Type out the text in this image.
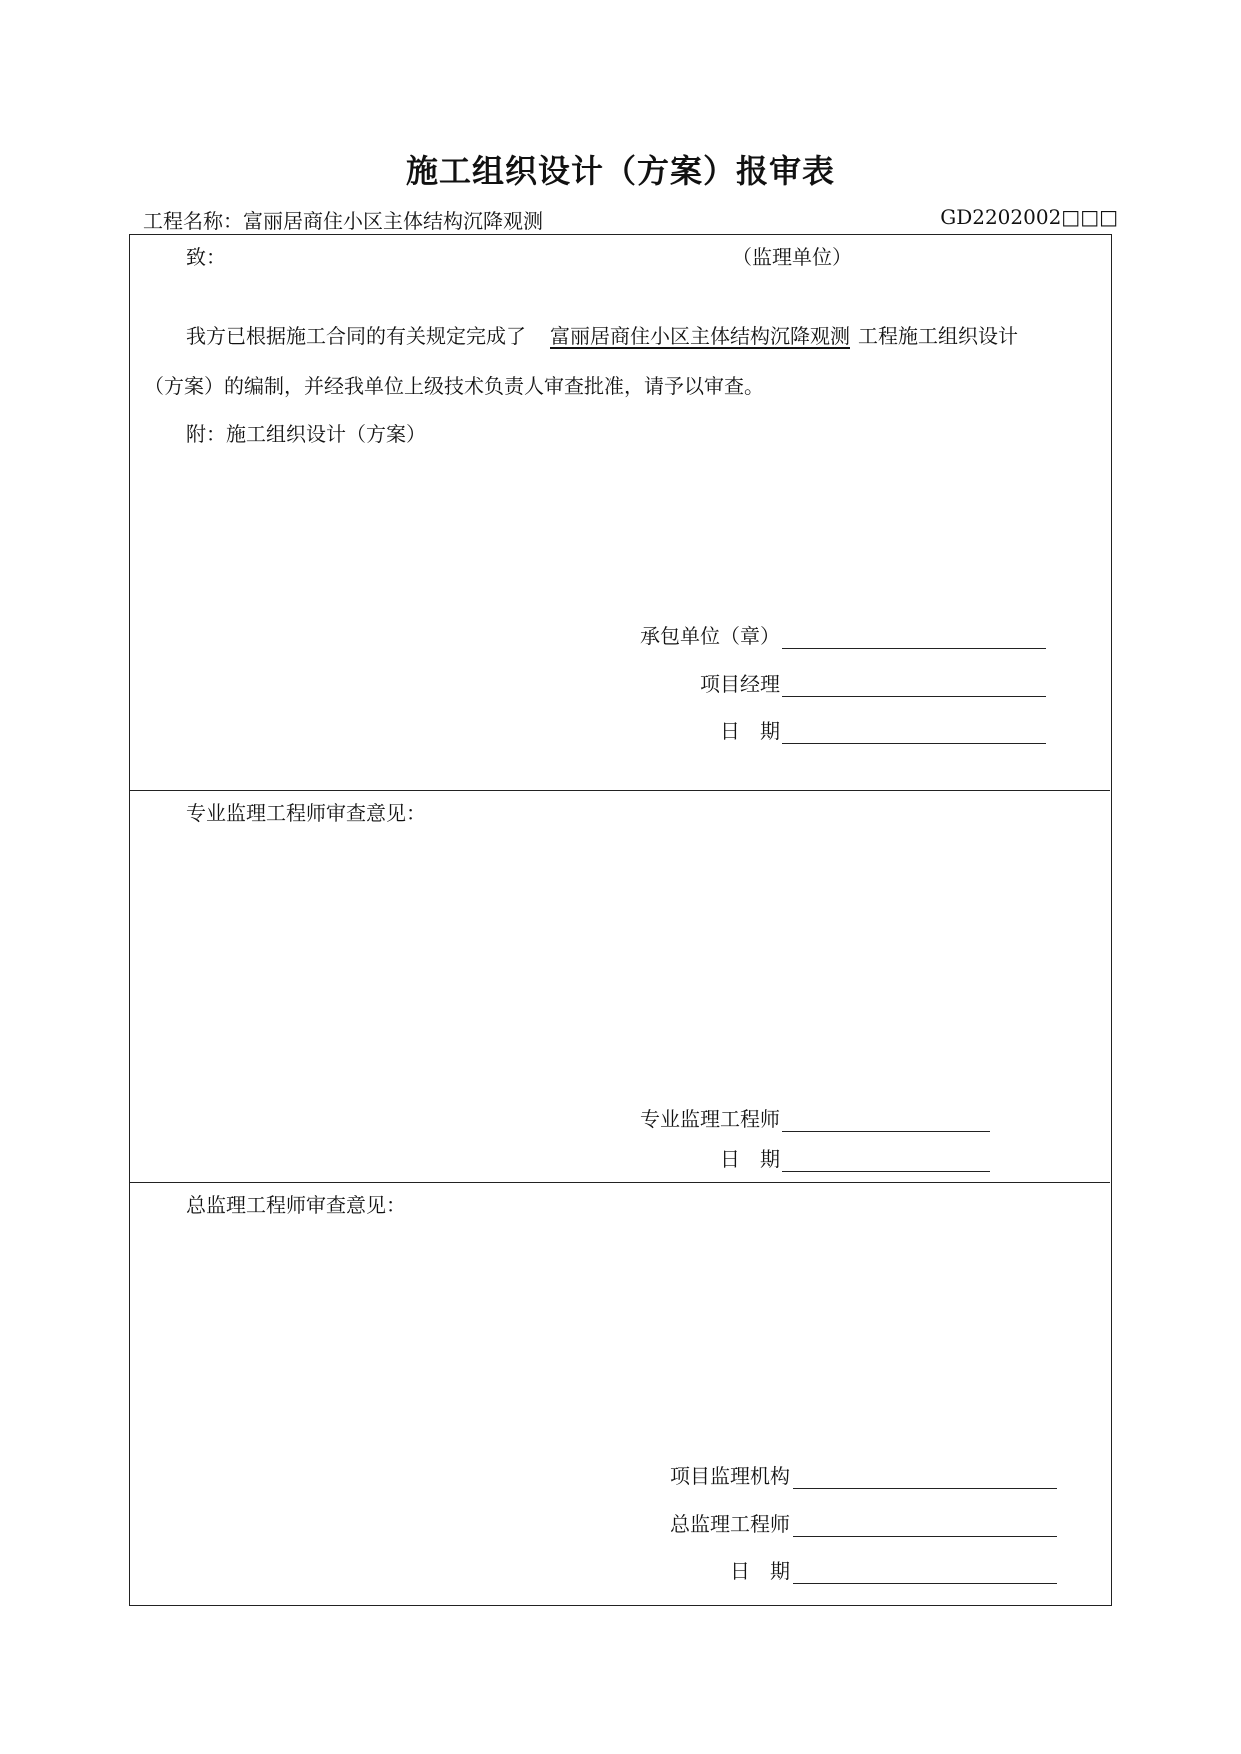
施工组织设计（方案）报审表
工程名称：富丽居商住小区主体结构沉降观测	GD2202002□□□
致：	（监理单位）
我方已根据施工合同的有关规定完成了 富丽居商住小区主体结构沉降观测 工程施工组织设计
（方案）的编制，并经我单位上级技术负责人审查批准，请予以审查。
附：施工组织设计（方案）
承包单位（章）
项目经理
日　期
专业监理工程师审查意见：
专业监理工程师
日　期
总监理工程师审查意见：
项目监理机构
总监理工程师
日　期
